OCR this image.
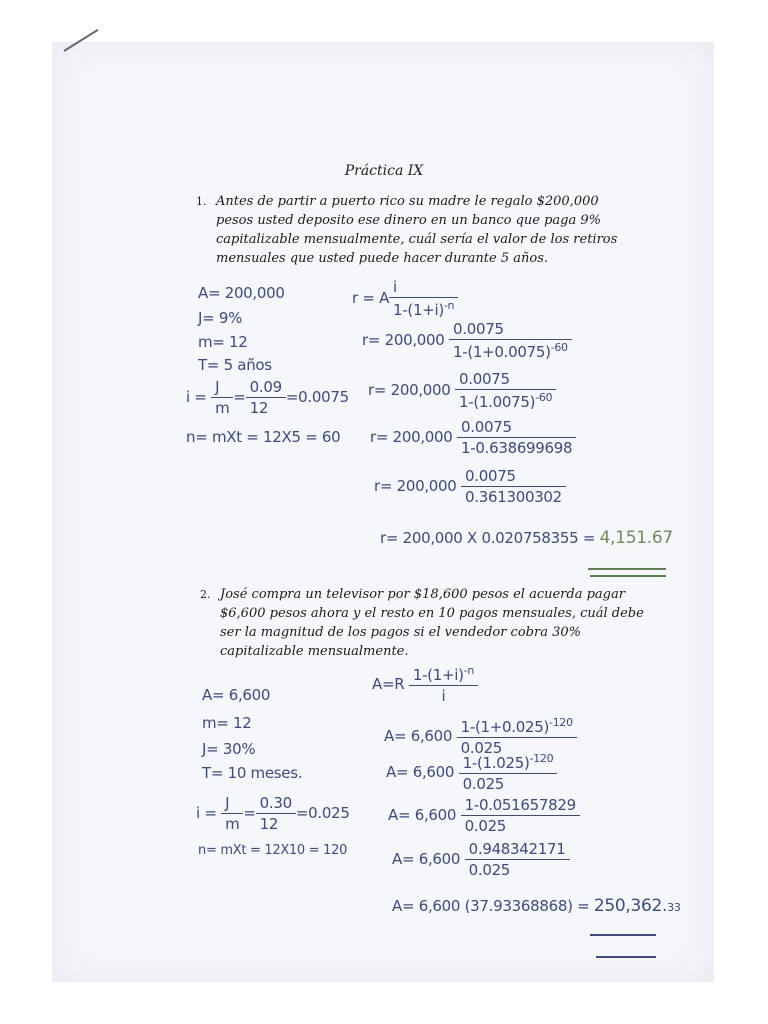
Práctica IX
1. Antes de partir a puerto rico su madre le regalo $200,000
pesos usted deposito ese dinero en un banco que paga 9%
capitalizable mensualmente, cuál sería el valor de los retiros
mensuales que usted puede hacer durante 5 años.
A= 200,000
J= 9%
m= 12
T= 5 años
$i = \frac{J}{m} = \frac{0.09}{12} =0.0075$
n= mXt = 12X5 = 60
r = A $\frac{i}{1-(1+i)^{-n}}$
$r= 200,000 \frac{0.0075}{1-(1+0.0075)^{-60}}$
$r= 200,000 \frac{0.0075}{1-(1.0075)^{-60}}$
$r= 200,000 \frac{0.0075}{1-0.638699698}$
$r= 200,000 \frac{0.0075}{0.361300302}$
r= 200,000 X 0.020758355 = 4,151.67
2. José compra un televisor por $18,600 pesos el acuerda pagar
$6,600 pesos ahora y el resto en 10 pagos mensuales, cuál debe
ser la magnitud de los pagos si el vendedor cobra 30%
capitalizable mensualmente.
A= 6,600
m= 12
J= 30%
T= 10 meses.
$i = \frac{J}{m} = \frac{0.30}{12} =0.025$
n= mXt = 12X10 = 120
$A=R \frac{1-(1+i)^{-n}}{i}$
$A= 6,600 \frac{1-(1+0.025)^{-120}}{0.025}$
$A= 6,600 \frac{1-(1.025)^{-120}}{0.025}$
$A= 6,600 \frac{1-0.051657829}{0.025}$
$A= 6,600 \frac{0.948342171}{0.025}$
A= 6,600 (37.93368868) = 250,362.33
